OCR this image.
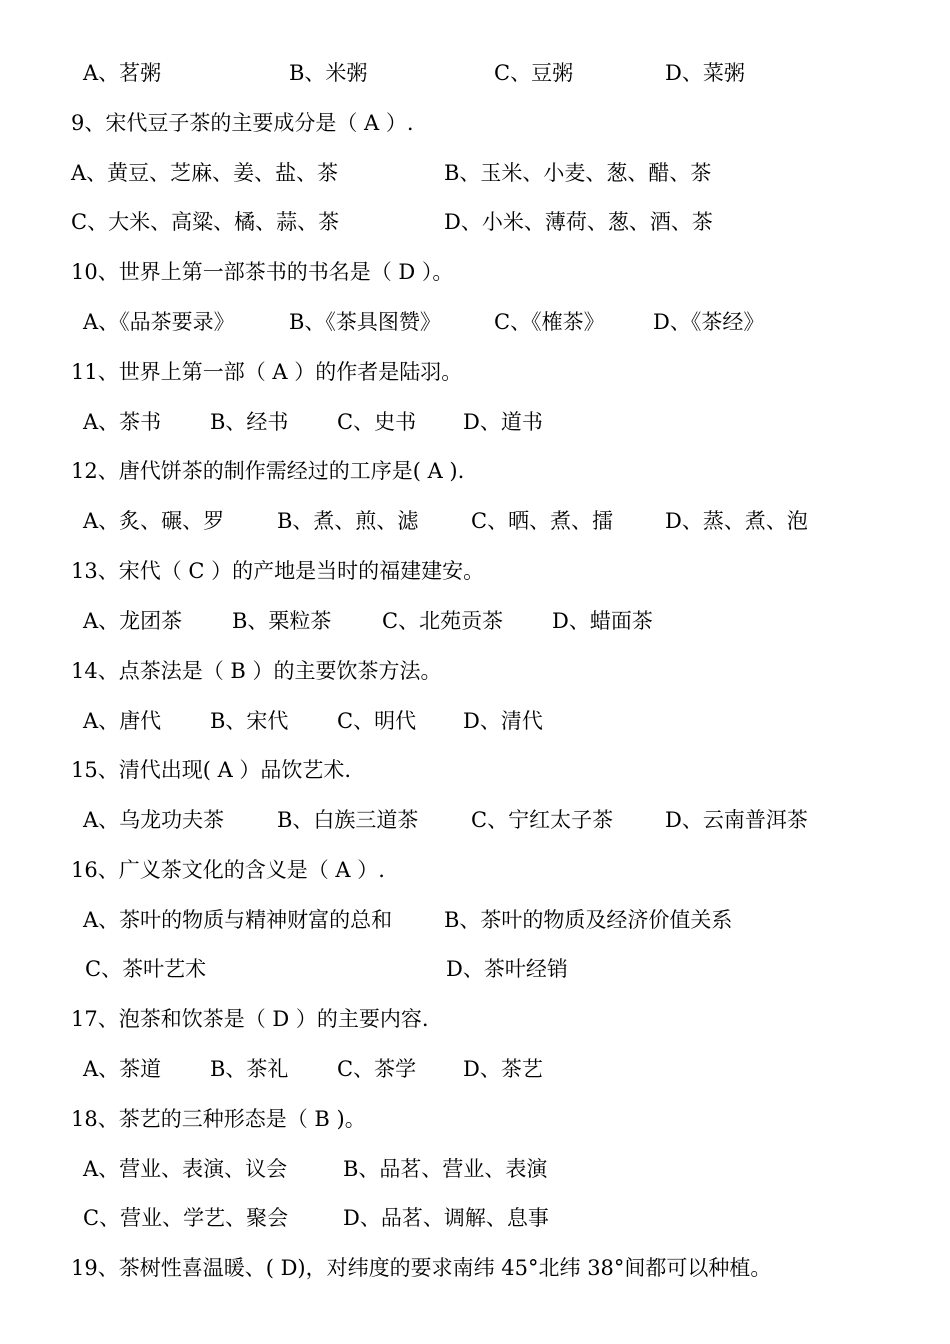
A、茗粥	B、米粥	C、豆粥	D、菜粥
9、宋代豆子茶的主要成分是（ A ）.
A、黄豆、芝麻、姜、盐、茶	B、玉米、小麦、葱、醋、茶
C、大米、高粱、橘、蒜、茶	D、小米、薄荷、葱、酒、茶
10、世界上第一部茶书的书名是（ D ）。
A、《品茶要录》	B、《茶具图赞》	C、《榷茶》 D、《茶经》
11、世界上第一部（ A ）的作者是陆羽。
A、茶书 B、经书 C、史书 D、道书
12、唐代饼茶的制作需经过的工序是( A ).
A、炙、碾、罗	B、煮、煎、滤	C、晒、煮、擂 D、蒸、煮、泡
13、宋代（ C ）的产地是当时的福建建安。
A、龙团茶 B、栗粒茶 C、北苑贡茶 D、蜡面茶
14、点茶法是（ B ）的主要饮茶方法。
A、唐代 B、宋代 C、明代 D、清代
15、清代出现( A ）品饮艺术.
A、乌龙功夫茶	B、白族三道茶	C、宁红太子茶 D、云南普洱茶
16、广义茶文化的含义是（ A ）.
A、茶叶的物质与精神财富的总和 B、茶叶的物质及经济价值关系
C、茶叶艺术	D、茶叶经销
17、泡茶和饮茶是（ D ）的主要内容.
A、茶道 B、茶礼 C、茶学 D、茶艺
18、茶艺的三种形态是（ B )。
A、营业、表演、议会	B、品茗、营业、表演
C、营业、学艺、聚会	D、品茗、调解、息事
19、茶树性喜温暖、( D)，对纬度的要求南纬 45°北纬 38°间都可以种植。
